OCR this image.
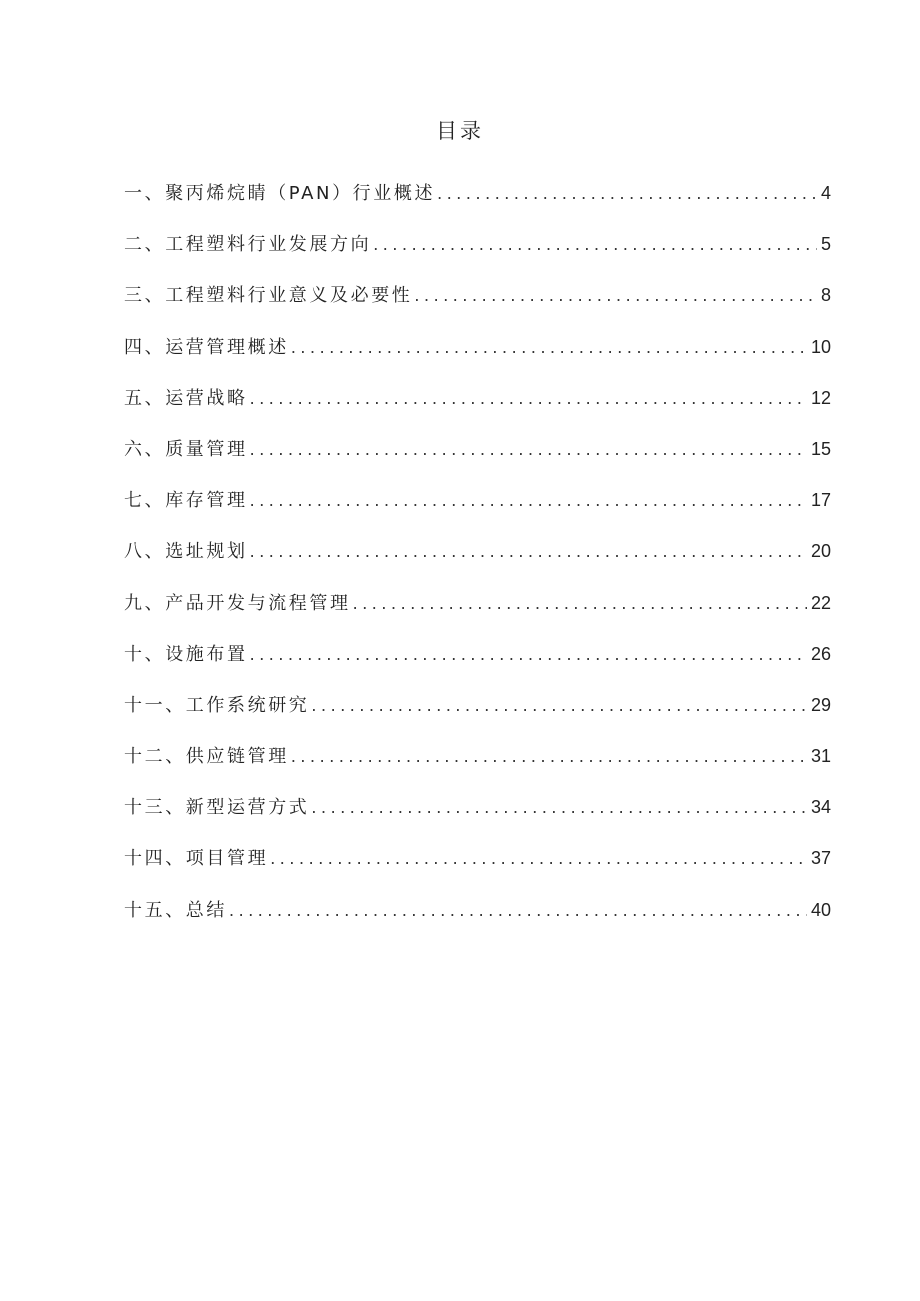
目录
一、聚丙烯烷睛（PAN）行业概述 .....	4
二、工程塑料行业发展方向 .....	5
三、工程塑料行业意义及必要性 .....	8
四、运营管理概述 .....	10
五、运营战略 .....	12
六、质量管理 .....	15
七、库存管理 .....	17
八、选址规划 .....	20
九、产品开发与流程管理 .....	22
十、设施布置 .....	26
十一、工作系统研究 .....	29
十二、供应链管理 .....	31
十三、新型运营方式 .....	34
十四、项目管理 .....	37
十五、总结 .....	40
